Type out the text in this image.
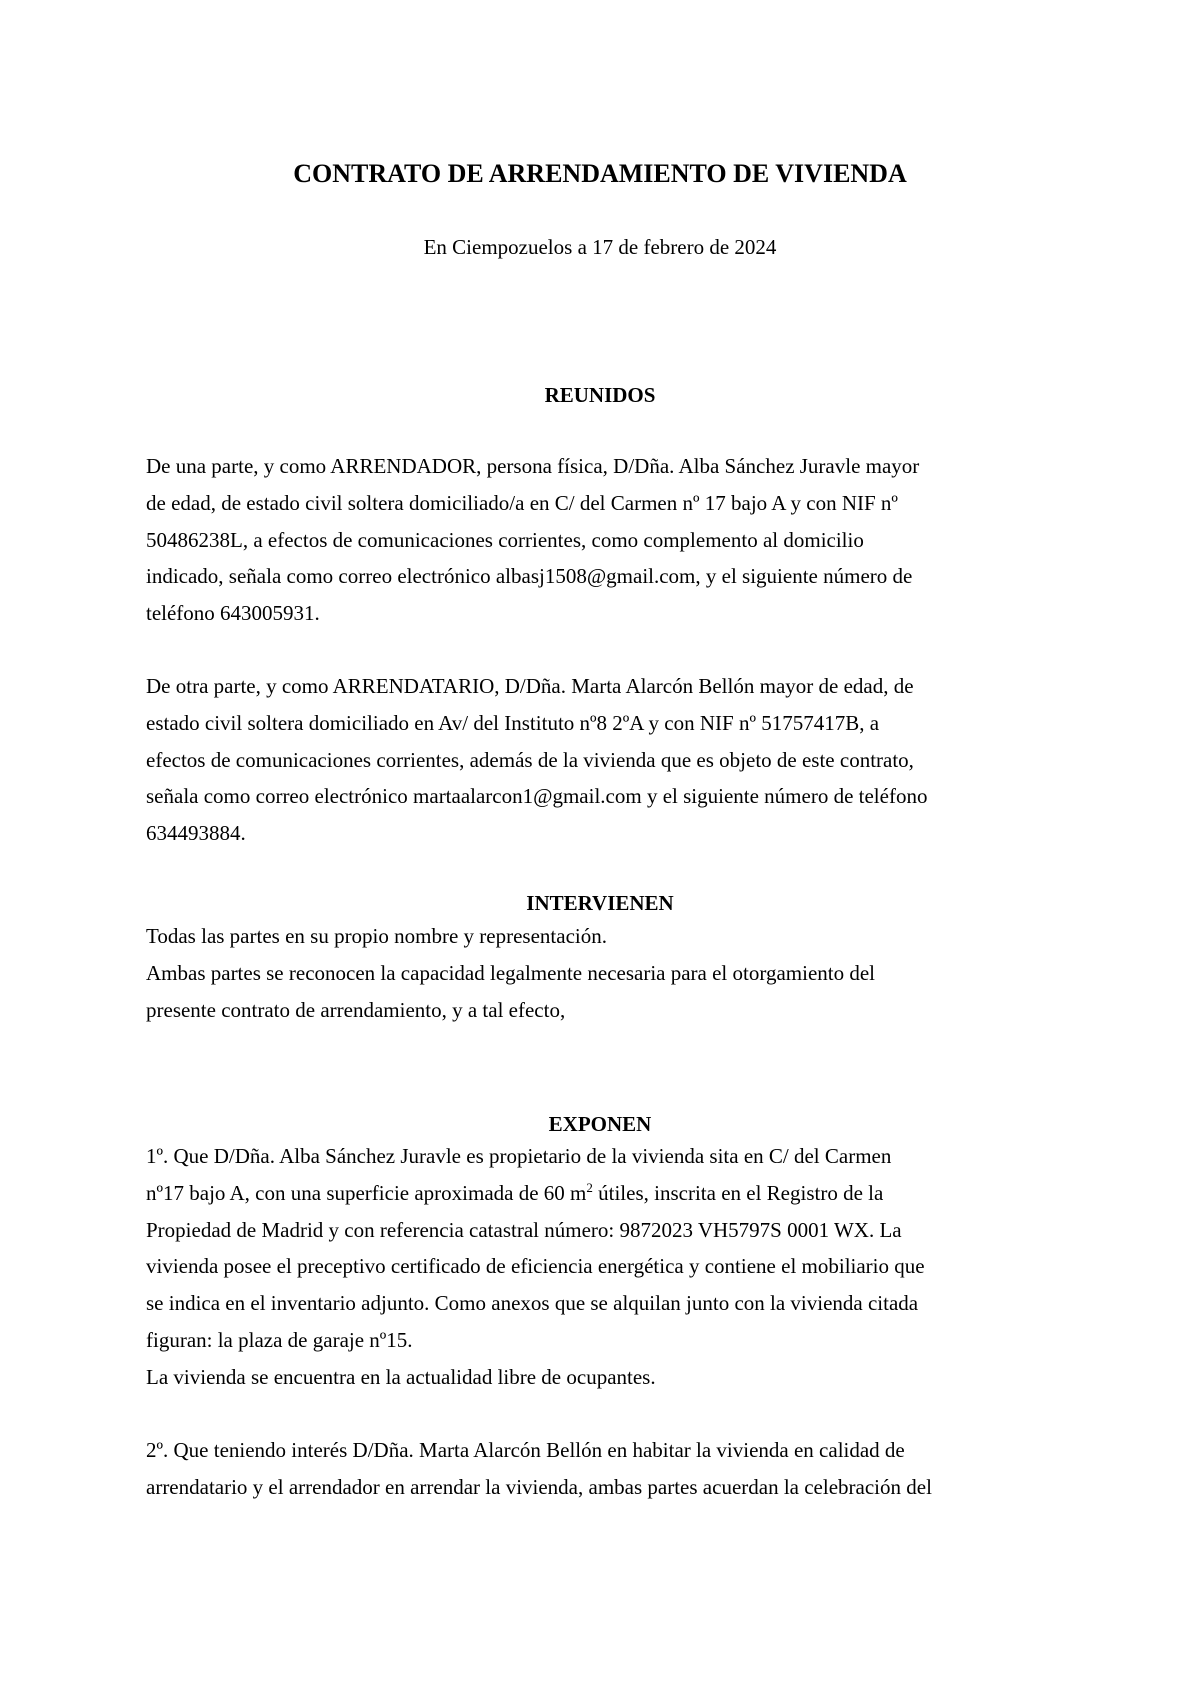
CONTRATO DE ARRENDAMIENTO DE VIVIENDA

En Ciempozuelos a 17 de febrero de 2024

REUNIDOS
De una parte, y como ARRENDADOR, persona física, D/Dña. Alba Sánchez Juravle mayor
de edad, de estado civil soltera domiciliado/a en C/ del Carmen nº 17 bajo A y con NIF nº
50486238L, a efectos de comunicaciones corrientes, como complemento al domicilio
indicado, señala como correo electrónico albasj1508@gmail.com, y el siguiente número de
teléfono 643005931.
De otra parte, y como ARRENDATARIO, D/Dña. Marta Alarcón Bellón mayor de edad, de
estado civil soltera domiciliado en Av/ del Instituto nº8 2ºA y con NIF nº 51757417B, a
efectos de comunicaciones corrientes, además de la vivienda que es objeto de este contrato,
señala como correo electrónico martaalarcon1@gmail.com y el siguiente número de teléfono
634493884.
INTERVIENEN
Todas las partes en su propio nombre y representación.
Ambas partes se reconocen la capacidad legalmente necesaria para el otorgamiento del
presente contrato de arrendamiento, y a tal efecto,
EXPONEN
1º. Que D/Dña. Alba Sánchez Juravle es propietario de la vivienda sita en C/ del Carmen
nº17 bajo A, con una superficie aproximada de 60 $m^2$ útiles, inscrita en el Registro de la
Propiedad de Madrid y con referencia catastral número: 9872023 VH5797S 0001 WX. La
vivienda posee el preceptivo certificado de eficiencia energética y contiene el mobiliario que
se indica en el inventario adjunto. Como anexos que se alquilan junto con la vivienda citada
figuran: la plaza de garaje nº15.
La vivienda se encuentra en la actualidad libre de ocupantes.
2º. Que teniendo interés D/Dña. Marta Alarcón Bellón en habitar la vivienda en calidad de
arrendatario y el arrendador en arrendar la vivienda, ambas partes acuerdan la celebración del
